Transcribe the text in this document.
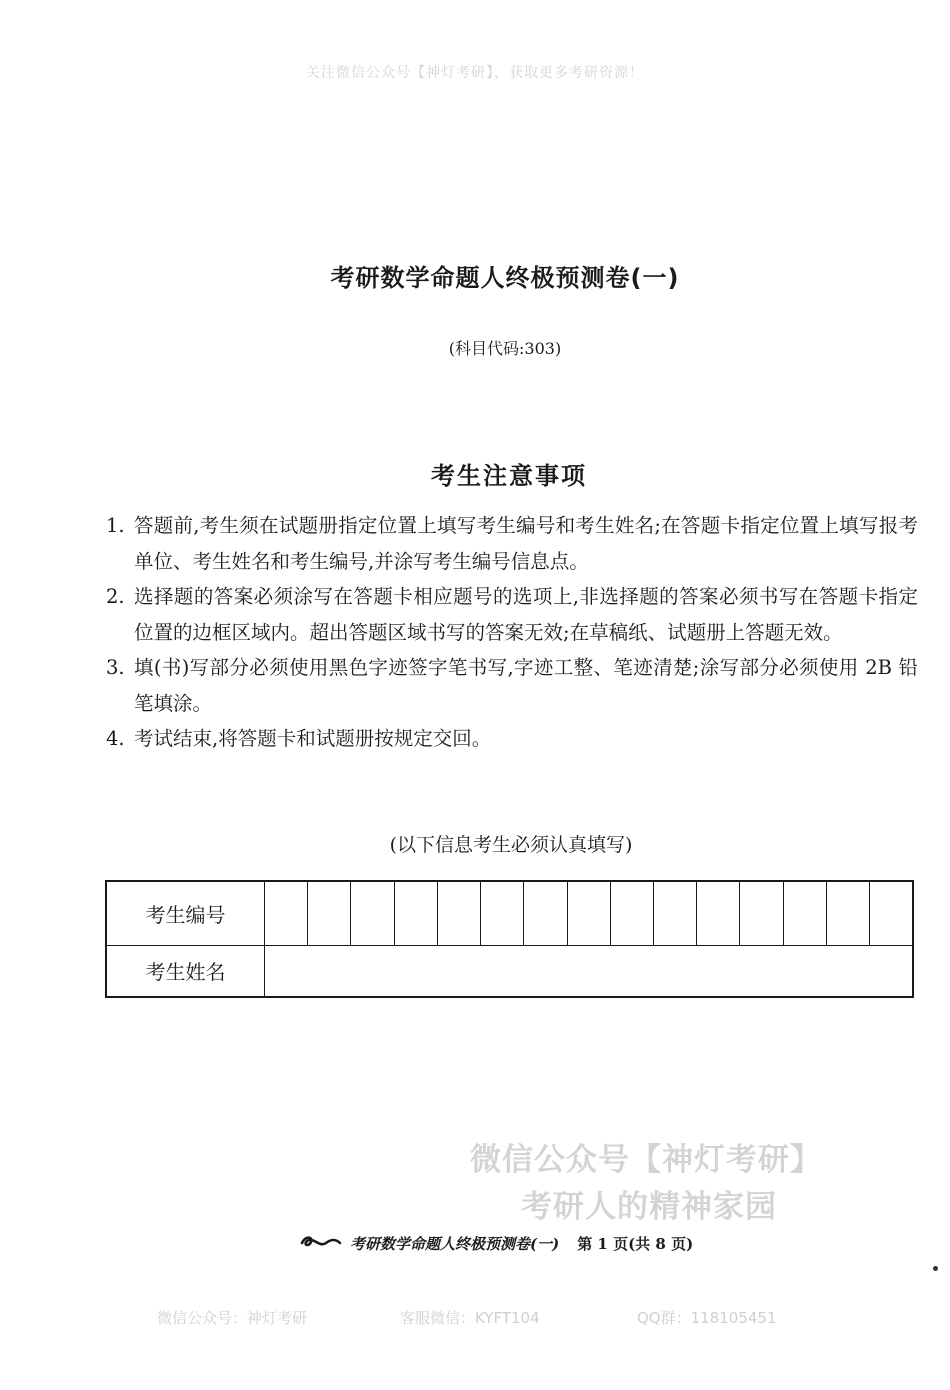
关注微信公众号【神灯考研】，获取更多考研资源！
考研数学命题人终极预测卷(一)
(科目代码:303)
考生注意事项
1. 答题前,考生须在试题册指定位置上填写考生编号和考生姓名;在答题卡指定位置上填写报考单位、考生姓名和考生编号,并涂写考生编号信息点。
2. 选择题的答案必须涂写在答题卡相应题号的选项上,非选择题的答案必须书写在答题卡指定位置的边框区域内。超出答题区域书写的答案无效;在草稿纸、试题册上答题无效。
3. 填(书)写部分必须使用黑色字迹签字笔书写,字迹工整、笔迹清楚;涂写部分必须使用 2B 铅笔填涂。
4. 考试结束,将答题卡和试题册按规定交回。
(以下信息考生必须认真填写)
考生编号															
考生姓名															
微信公众号【神灯考研】
考研人的精神家园
考研数学命题人终极预测卷(一) 第 1 页(共 8 页)
微信公众号：神灯考研	客服微信：KYFT104	QQ群：118105451
